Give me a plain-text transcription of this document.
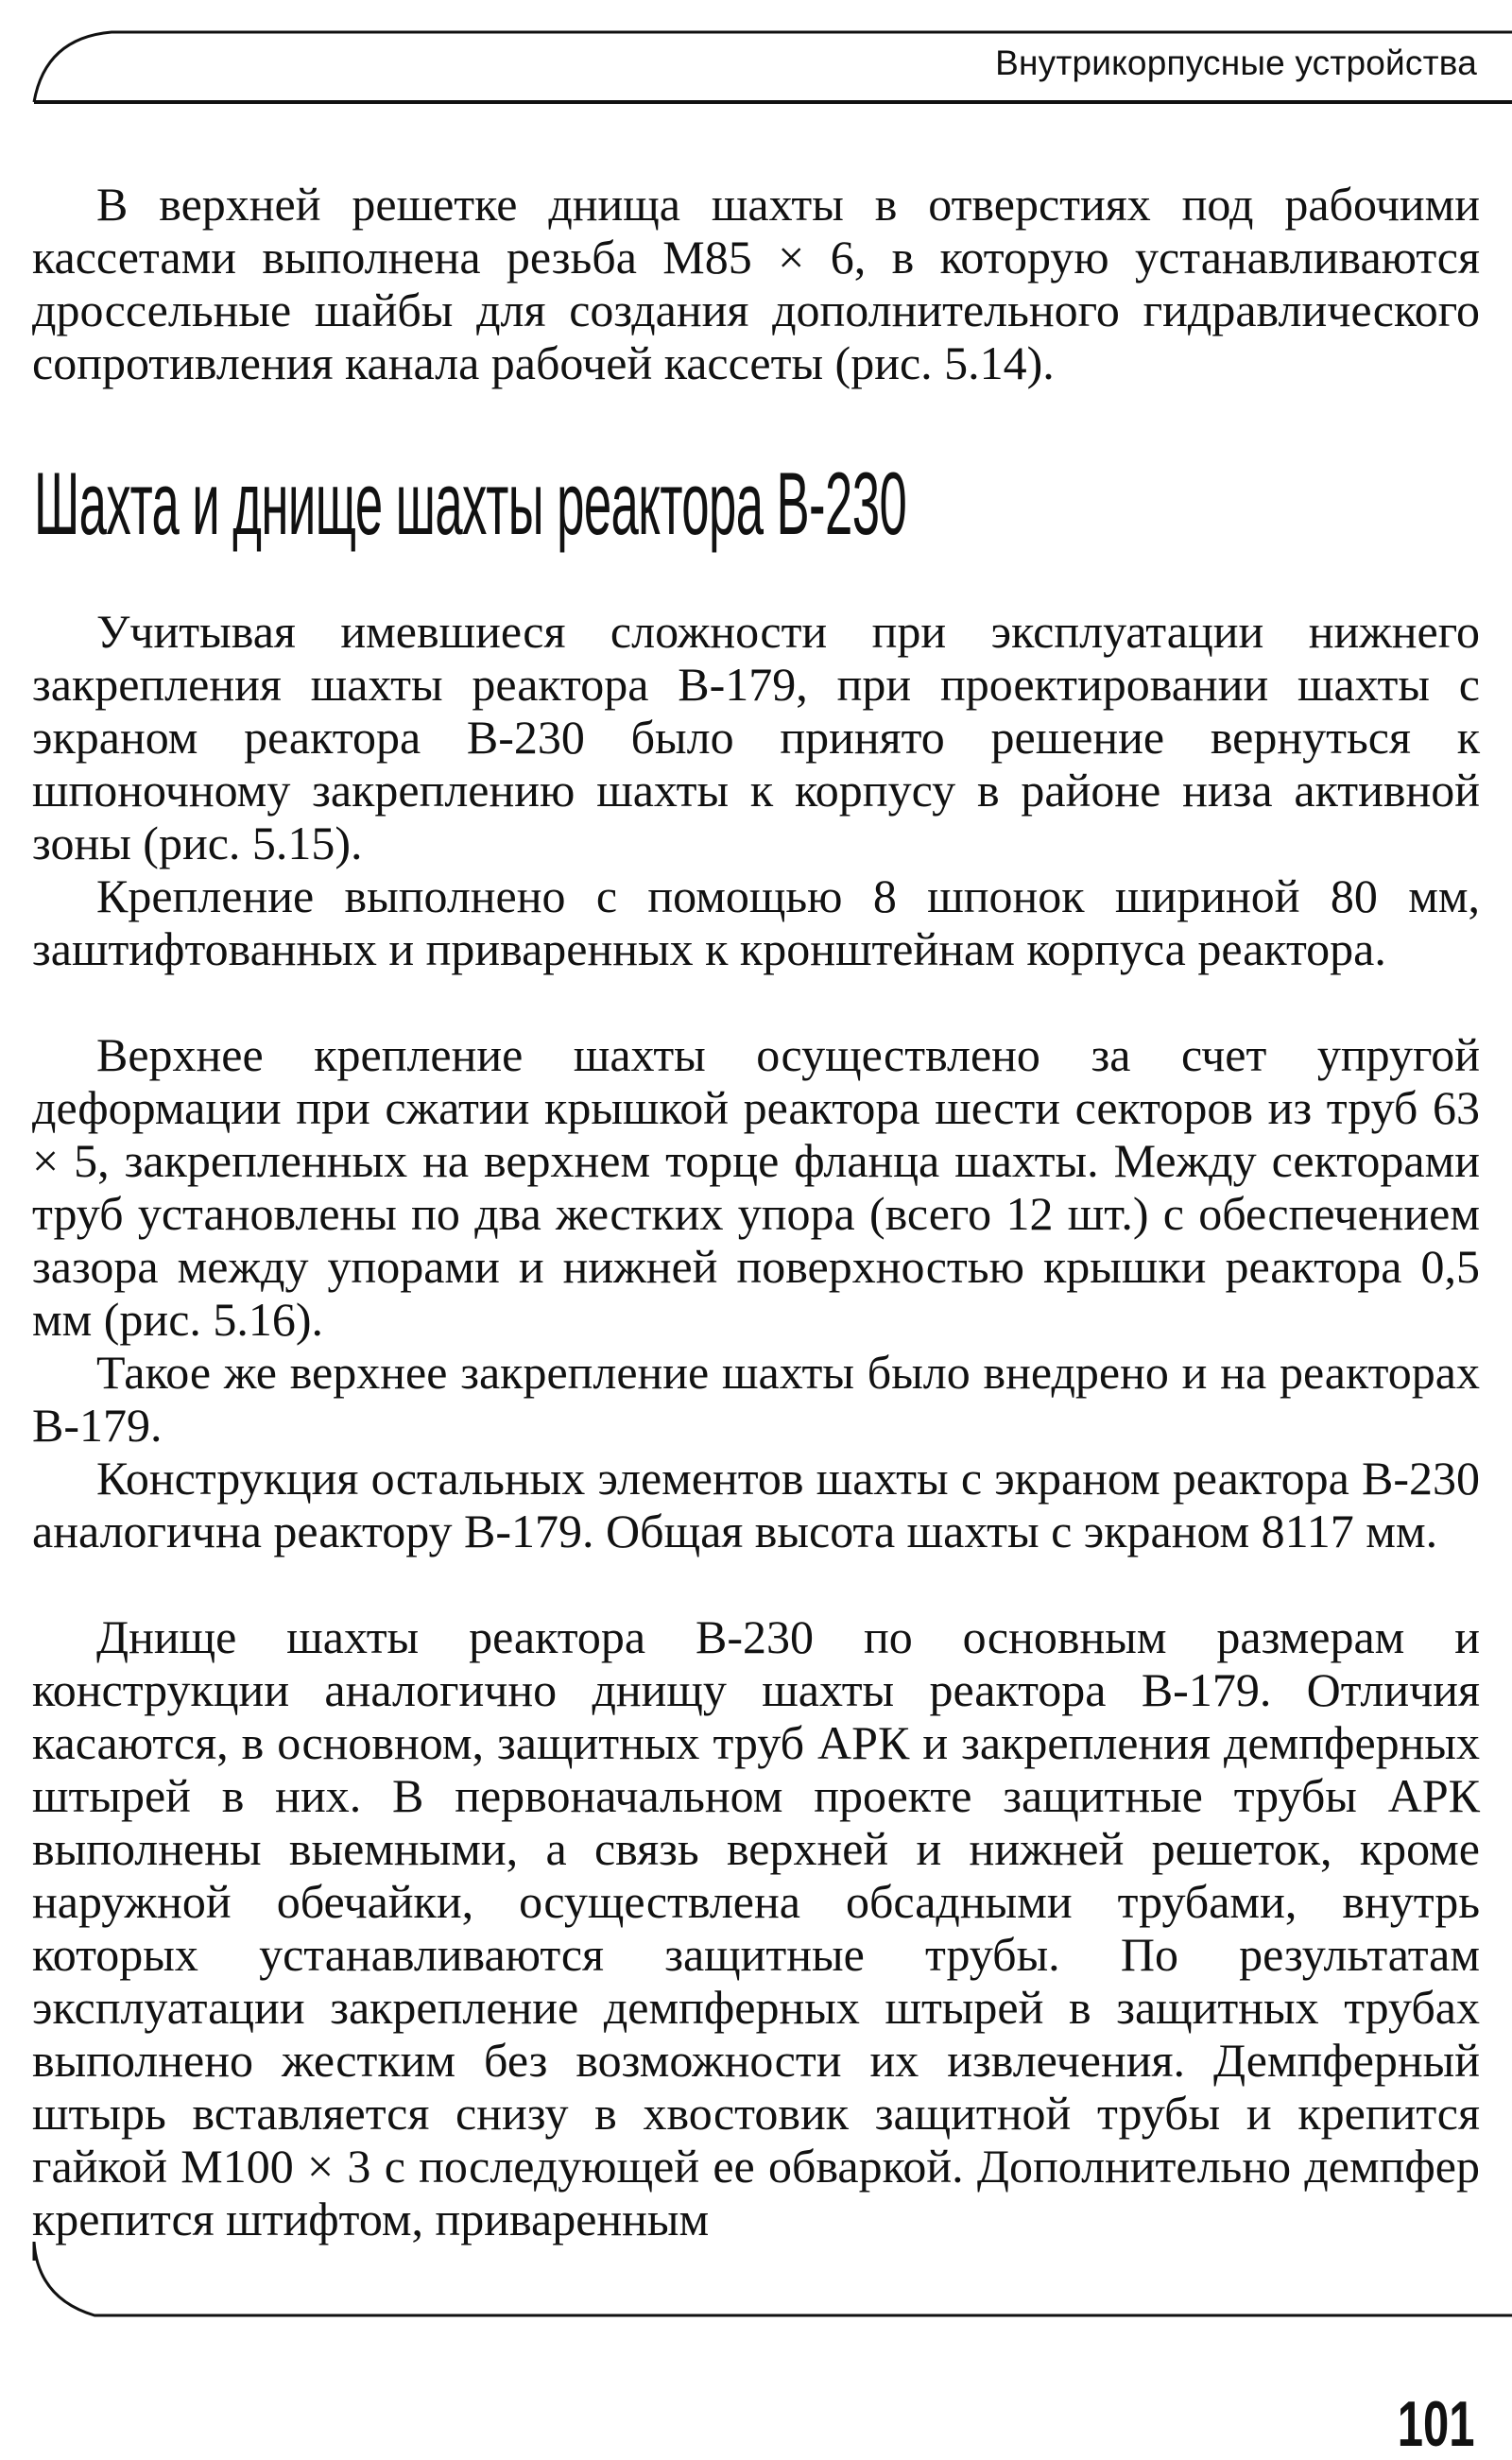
Внутрикорпусные устройства

В верхней решетке днища шахты в отверстиях под рабочими кассетами выполнена резьба М85 × 6, в которую устанавливаются дроссельные шайбы для создания дополнительного гидравлического сопротивления канала рабочей кассеты (рис. 5.14).

Шахта и днище шахты реактора В-230

Учитывая имевшиеся сложности при эксплуатации нижнего закрепления шахты реактора В-179, при проектировании шахты с экраном реактора В-230 было принято решение вернуться к шпоночному закреплению шахты к корпусу в районе низа активной зоны (рис. 5.15).

Крепление выполнено с помощью 8 шпонок шириной 80 мм, заштифтованных и приваренных к кронштейнам корпуса реактора.

Верхнее крепление шахты осуществлено за счет упругой деформации при сжатии крышкой реактора шести секторов из труб 63 × 5, закрепленных на верхнем торце фланца шахты. Между секторами труб установлены по два жестких упора (всего 12 шт.) с обеспечением зазора между упорами и нижней поверхностью крышки реактора 0,5 мм (рис. 5.16).

Такое же верхнее закрепление шахты было внедрено и на реакторах В-179.

Конструкция остальных элементов шахты с экраном реактора В-230 аналогична реактору В-179. Общая высота шахты с экраном 8117 мм.

Днище шахты реактора В-230 по основным размерам и конструкции аналогично днищу шахты реактора В-179. Отличия касаются, в основном, защитных труб АРК и закрепления демпферных штырей в них. В первоначальном проекте защитные трубы АРК выполнены выемными, а связь верхней и нижней решеток, кроме наружной обечайки, осуществлена обсадными трубами, внутрь которых устанавливаются защитные трубы. По результатам эксплуатации закрепление демпферных штырей в защитных трубах выполнено жестким без возможности их извлечения. Демпферный штырь вставляется снизу в хвостовик защитной трубы и крепится гайкой М100 × 3 с последующей ее обваркой. Дополнительно демпфер крепится штифтом, приваренным

101
